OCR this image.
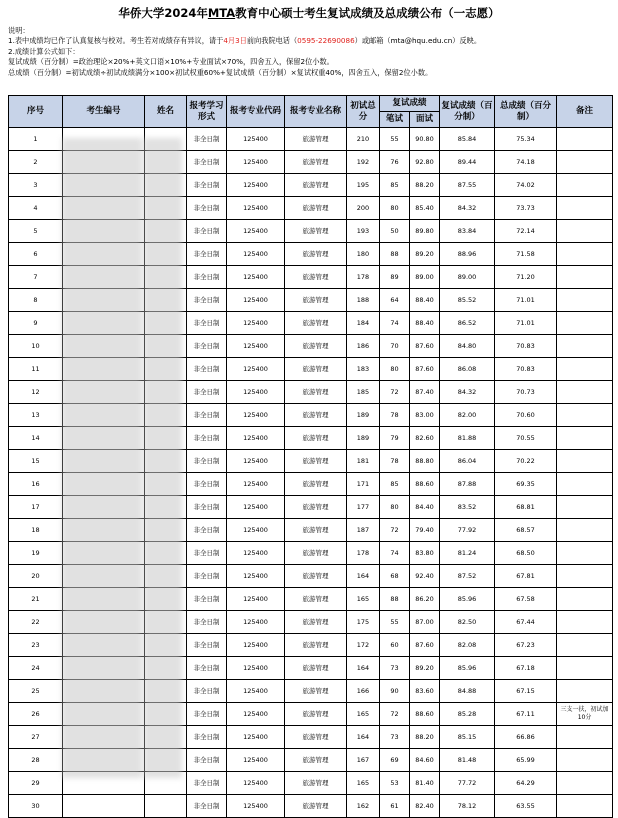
华侨大学2024年MTA教育中心硕士考生复试成绩及总成绩公布（一志愿）
说明：
1.表中成绩均已作了认真复核与校对。考生若对成绩存有异议，请于4月3日前向我院电话（0595-22690086）或邮箱（mta@hqu.edu.cn）反映。
2.成绩计算公式如下：
复试成绩（百分制）=政治理论×20%+英文口语×10%+专业面试×70%，四舍五入，保留2位小数。
总成绩（百分制）=初试成绩÷初试成绩满分×100×初试权重60%+复试成绩（百分制）×复试权重40%，四舍五入，保留2位小数。
序号	考生编号	姓名	报考学习形式	报考专业代码	报考专业名称	初试总分	复试成绩		复试成绩（百分制）	总成绩（百分制）	备注
							笔试	面试			
1			非全日制	125400	旅游管理	210	55	90.80	85.84	75.34	
2			非全日制	125400	旅游管理	192	76	92.80	89.44	74.18	
3			非全日制	125400	旅游管理	195	85	88.20	87.55	74.02	
4			非全日制	125400	旅游管理	200	80	85.40	84.32	73.73	
5			非全日制	125400	旅游管理	193	50	89.80	83.84	72.14	
6			非全日制	125400	旅游管理	180	88	89.20	88.96	71.58	
7			非全日制	125400	旅游管理	178	89	89.00	89.00	71.20	
8			非全日制	125400	旅游管理	188	64	88.40	85.52	71.01	
9			非全日制	125400	旅游管理	184	74	88.40	86.52	71.01	
10			非全日制	125400	旅游管理	186	70	87.60	84.80	70.83	
11			非全日制	125400	旅游管理	183	80	87.60	86.08	70.83	
12			非全日制	125400	旅游管理	185	72	87.40	84.32	70.73	
13			非全日制	125400	旅游管理	189	78	83.00	82.00	70.60	
14			非全日制	125400	旅游管理	189	79	82.60	81.88	70.55	
15			非全日制	125400	旅游管理	181	78	88.80	86.04	70.22	
16			非全日制	125400	旅游管理	171	85	88.60	87.88	69.35	
17			非全日制	125400	旅游管理	177	80	84.40	83.52	68.81	
18			非全日制	125400	旅游管理	187	72	79.40	77.92	68.57	
19			非全日制	125400	旅游管理	178	74	83.80	81.24	68.50	
20			非全日制	125400	旅游管理	164	68	92.40	87.52	67.81	
21			非全日制	125400	旅游管理	165	88	86.20	85.96	67.58	
22			非全日制	125400	旅游管理	175	55	87.00	82.50	67.44	
23			非全日制	125400	旅游管理	172	60	87.60	82.08	67.23	
24			非全日制	125400	旅游管理	164	73	89.20	85.96	67.18	
25			非全日制	125400	旅游管理	166	90	83.60	84.88	67.15	
26			非全日制	125400	旅游管理	165	72	88.60	85.28	67.11	三支一扶，初试加10分
27			非全日制	125400	旅游管理	164	73	88.20	85.15	66.86	
28			非全日制	125400	旅游管理	167	69	84.60	81.48	65.99	
29			非全日制	125400	旅游管理	165	53	81.40	77.72	64.29	
30			非全日制	125400	旅游管理	162	61	82.40	78.12	63.55	
